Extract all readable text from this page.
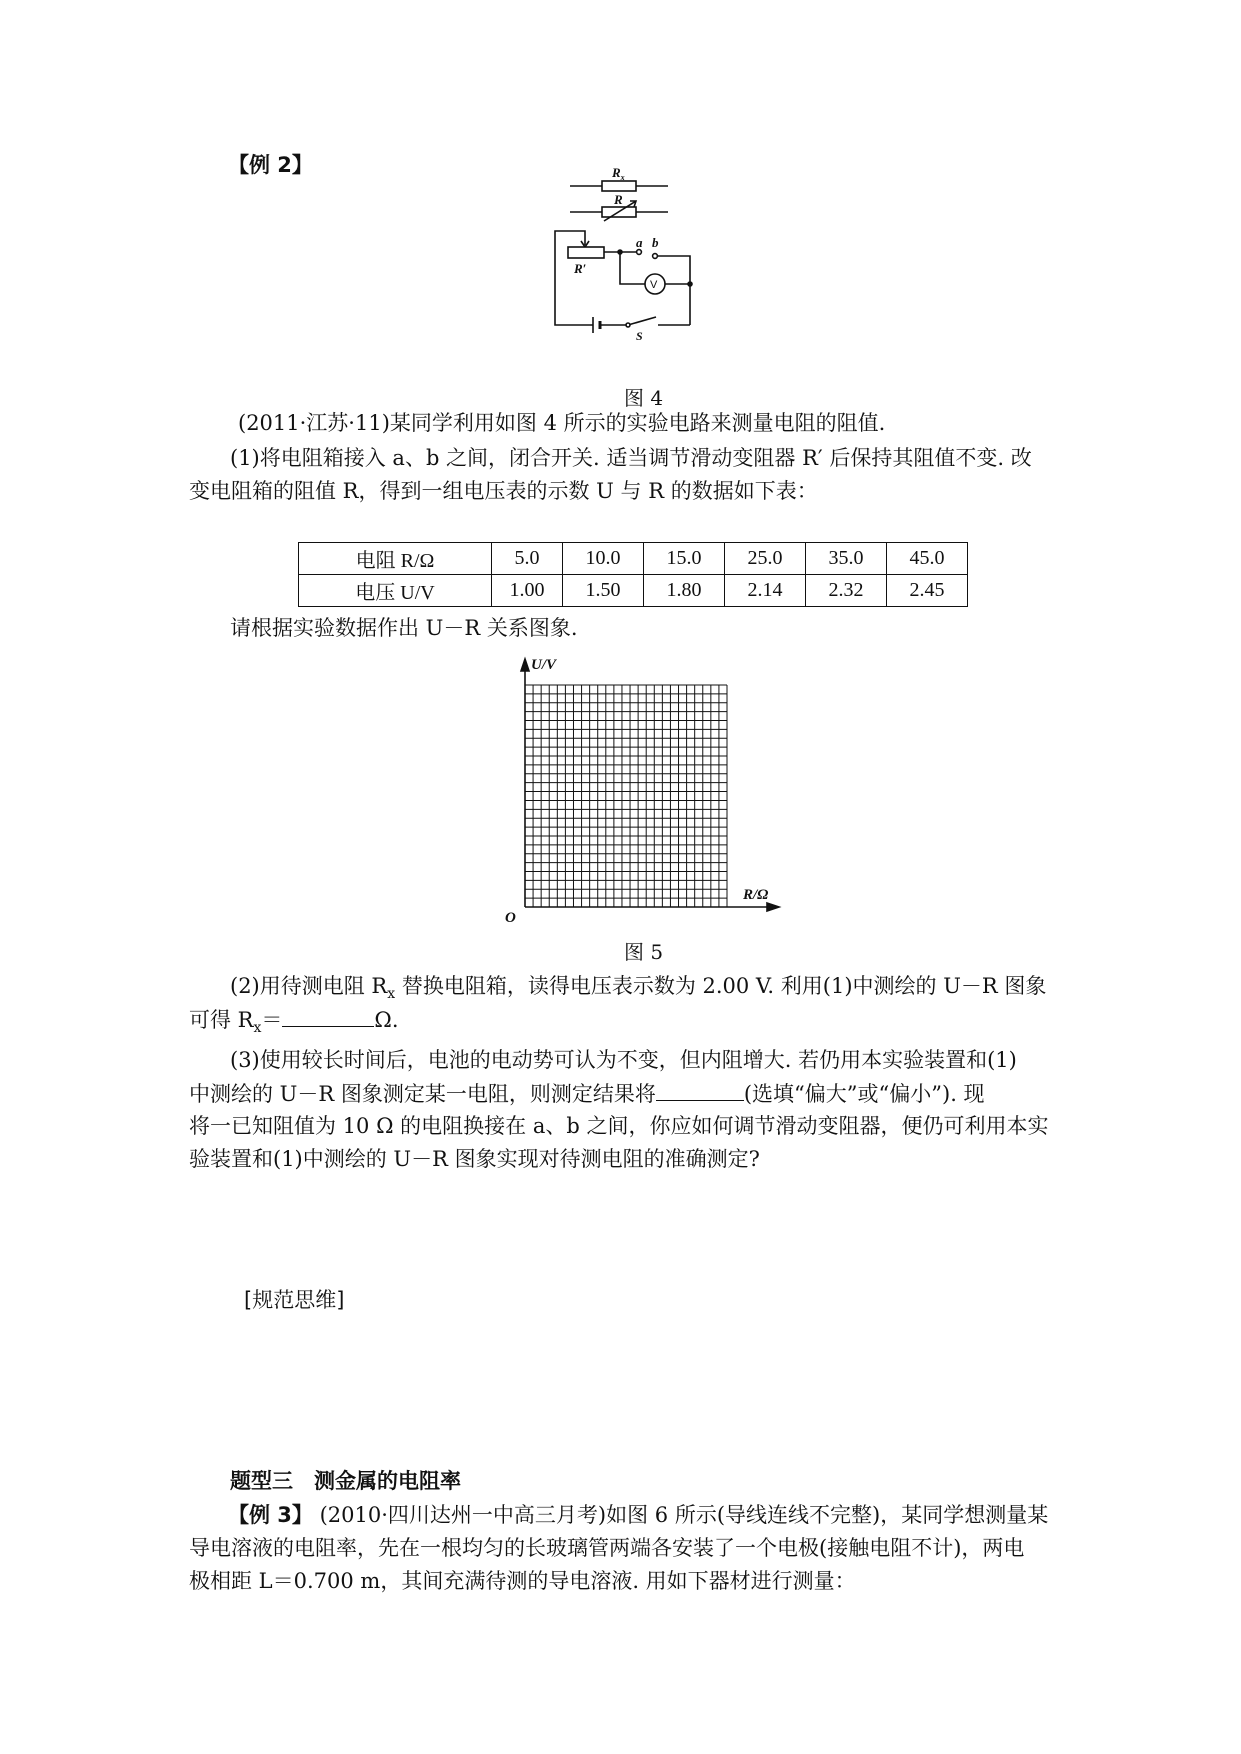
【例 2】	$R_x$
R
R′
a b
S
V
图 4
(2011·江苏·11)某同学利用如图 4 所示的实验电路来测量电阻的阻值.
(1)将电阻箱接入 a、b 之间，闭合开关. 适当调节滑动变阻器 R′ 后保持其阻值不变. 改
变电阻箱的阻值 R，得到一组电压表的示数 U 与 R 的数据如下表：
电阻 R/Ω	5.0	10.0	15.0	25.0	35.0	45.0
电压 U/V	1.00	1.50	1.80	2.14	2.32	2.45
请根据实验数据作出 U－R 关系图象.
U/V
R/Ω
O
图 5
(2)用待测电阻 $R_x$ 替换电阻箱，读得电压表示数为 2.00 V. 利用(1)中测绘的 U－R 图象
可得 $R_x=$	Ω.
(3)使用较长时间后，电池的电动势可认为不变，但内阻增大. 若仍用本实验装置和(1)
中测绘的 U－R 图象测定某一电阻，则测定结果将	(选填“偏大”或“偏小”). 现
将一已知阻值为 10 Ω 的电阻换接在 a、b 之间，你应如何调节滑动变阻器，便仍可利用本实
验装置和(1)中测绘的 U－R 图象实现对待测电阻的准确测定?
[规范思维]
题型三　测金属的电阻率
【例 3】 (2010·四川达州一中高三月考)如图 6 所示(导线连线不完整)，某同学想测量某
导电溶液的电阻率，先在一根均匀的长玻璃管两端各安装了一个电极(接触电阻不计)，两电
极相距 L＝0.700 m，其间充满待测的导电溶液. 用如下器材进行测量：
